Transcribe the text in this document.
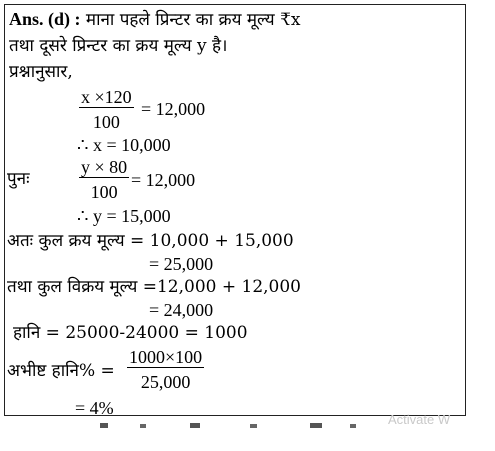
Ans. (d) : माना पहले प्रिन्टर का क्रय मूल्य ₹x
तथा दूसरे प्रिन्टर का क्रय मूल्य y है।
प्रश्नानुसार,
$\frac{x \times 120}{100} = 12,000$
∴ x = 10,000
पुनः	$\frac{y \times 80}{100} = 12,000$
∴ y = 15,000
अतः कुल क्रय मूल्य = 10,000 + 15,000
= 25,000
तथा कुल विक्रय मूल्य =12,000 + 12,000
= 24,000
हानि = 25000-24000 = 1000
अभीष्ट हानि% = $\frac{1000\times 100}{25,000}$
= 4%
Activate W
